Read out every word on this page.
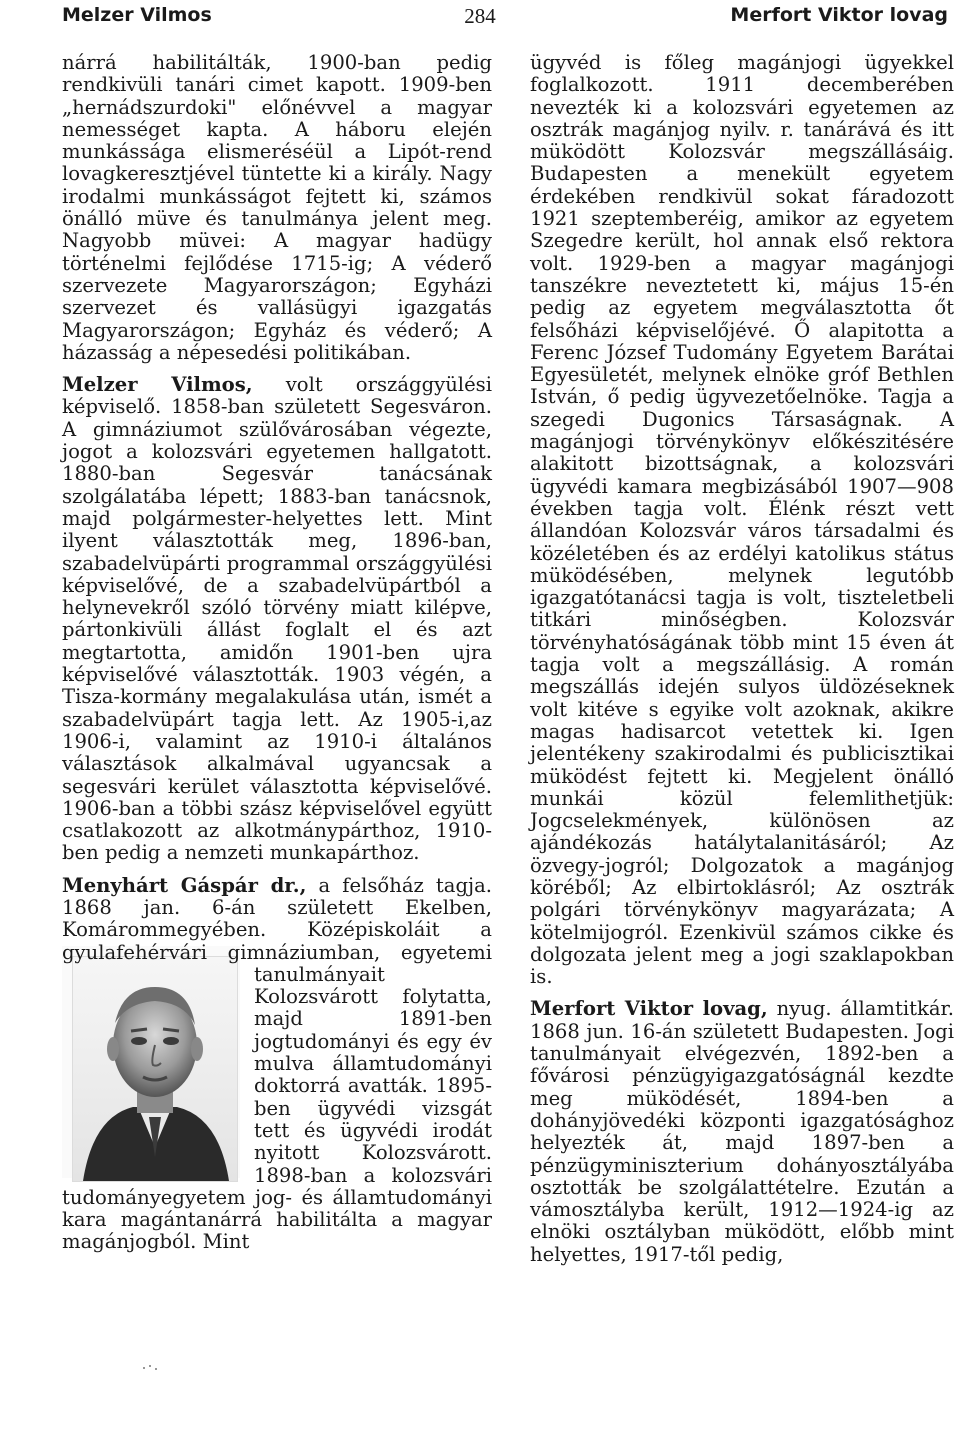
Melzer Vilmos	284	Merfort Viktor lovag

nárrá habilitálták, 1900-ban pedig rendkivüli tanári cimet kapott. 1909-ben „hernádszurdoki" előnévvel a magyar nemességet kapta. A háboru elején munkássága elismeréséül a Lipót-rend lovagkeresztjével tüntette ki a király. Nagy irodalmi munkásságot fejtett ki, számos önálló müve és tanulmánya jelent meg. Nagyobb müvei: A magyar hadügy történelmi fejlődése 1715-ig; A véderő szervezete Magyarországon; Egyházi szervezet és vallásügyi igazgatás Magyarországon; Egyház és véderő; A házasság a népesedési politikában.

Melzer Vilmos, volt országgyülési képviselő. 1858-ban született Segesváron. A gimnáziumot szülővárosában végezte, jogot a kolozsvári egyetemen hallgatott. 1880-ban Segesvár tanácsának szolgálatába lépett; 1883-ban tanácsnok, majd polgármester-helyettes lett. Mint ilyent választották meg, 1896-ban, szabadelvüpárti programmal országgyülési képviselővé, de a szabadelvüpártból a helynevekről szóló törvény miatt kilépve, pártonkivüli állást foglalt el és azt megtartotta, amidőn 1901-ben ujra képviselővé választották. 1903 végén, a Tisza-kormány megalakulása után, ismét a szabadelvüpárt tagja lett. Az 1905-i,az 1906-i, valamint az 1910-i általános választások alkalmával ugyancsak a segesvári kerület választotta képviselővé. 1906-ban a többi szász képviselővel együtt csatlakozott az alkotmánypárthoz, 1910-ben pedig a nemzeti munkapárthoz.

Menyhárt Gáspár dr., a felsőház tagja. 1868 jan. 6-án született Ekelben, Komárommegyében. Középiskoláit a gyulafehérvári
gimnáziumban, egyetemi tanulmányait Kolozsvárott folytatta, majd 1891-ben jogtudományi és egy év mulva államtudományi doktorrá avatták. 1895-ben ügyvédi vizsgát tett és ügyvédi irodát nyitott Kolozsvárott. 1898-ban a kolozsvári tudományegyetem jog- és államtudományi kara magántanárrá habilitálta a magyar magánjogból. Mint

ügyvéd is főleg magánjogi ügyekkel foglalkozott. 1911 decemberében nevezték ki a kolozsvári egyetemen az osztrák magánjog nyilv. r. tanárává és itt müködött Kolozsvár megszállásáig. Budapesten a menekült egyetem érdekében rendkivül sokat fáradozott 1921 szeptemberéig, amikor az egyetem Szegedre került, hol annak első rektora volt. 1929-ben a magyar magánjogi tanszékre neveztetett ki, május 15-én pedig az egyetem megválasztotta őt felsőházi képviselőjévé. Ő alapitotta a Ferenc József Tudomány Egyetem Barátai Egyesületét, melynek elnöke gróf Bethlen István, ő pedig ügyvezetőelnöke. Tagja a szegedi Dugonics Társaságnak. A magánjogi törvénykönyv előkészitésére alakitott bizottságnak, a kolozsvári ügyvédi kamara megbizásából 1907—908 években tagja volt. Élénk részt vett állandóan Kolozsvár város társadalmi és közéletében és az erdélyi katolikus státus müködésében, melynek legutóbb igazgatótanácsi tagja is volt, tiszteletbeli titkári minőségben. Kolozsvár törvényhatóságának több mint 15 éven át tagja volt a megszállásig. A román megszállás idején sulyos üldözéseknek volt kitéve s egyike volt azoknak, akikre magas hadisarcot vetettek ki. Igen jelentékeny szakirodalmi és publicisztikai müködést fejtett ki. Megjelent önálló munkái közül felemlithetjük: Jogcselekmények, különösen az ajándékozás hatálytalanitásáról; Az özvegy-jogról; Dolgozatok a magánjog köréből; Az elbirtoklásról; Az osztrák polgári törvénykönyv magyarázata; A kötelmijogról. Ezenkivül számos cikke és dolgozata jelent meg a jogi szaklapokban is.

Merfort Viktor lovag, nyug. államtitkár. 1868 jun. 16-án született Budapesten. Jogi tanulmányait elvégezvén, 1892-ben a fővárosi pénzügyigazgatóságnál kezdte meg müködését, 1894-ben a dohányjövedéki központi igazgatósághoz helyezték át, majd 1897-ben a pénzügyminiszterium dohányosztályába osztották be szolgálattételre. Ezután a vámosztályba került, 1912—1924-ig az elnöki osztályban müködött, előbb mint helyettes, 1917-től pedig,
